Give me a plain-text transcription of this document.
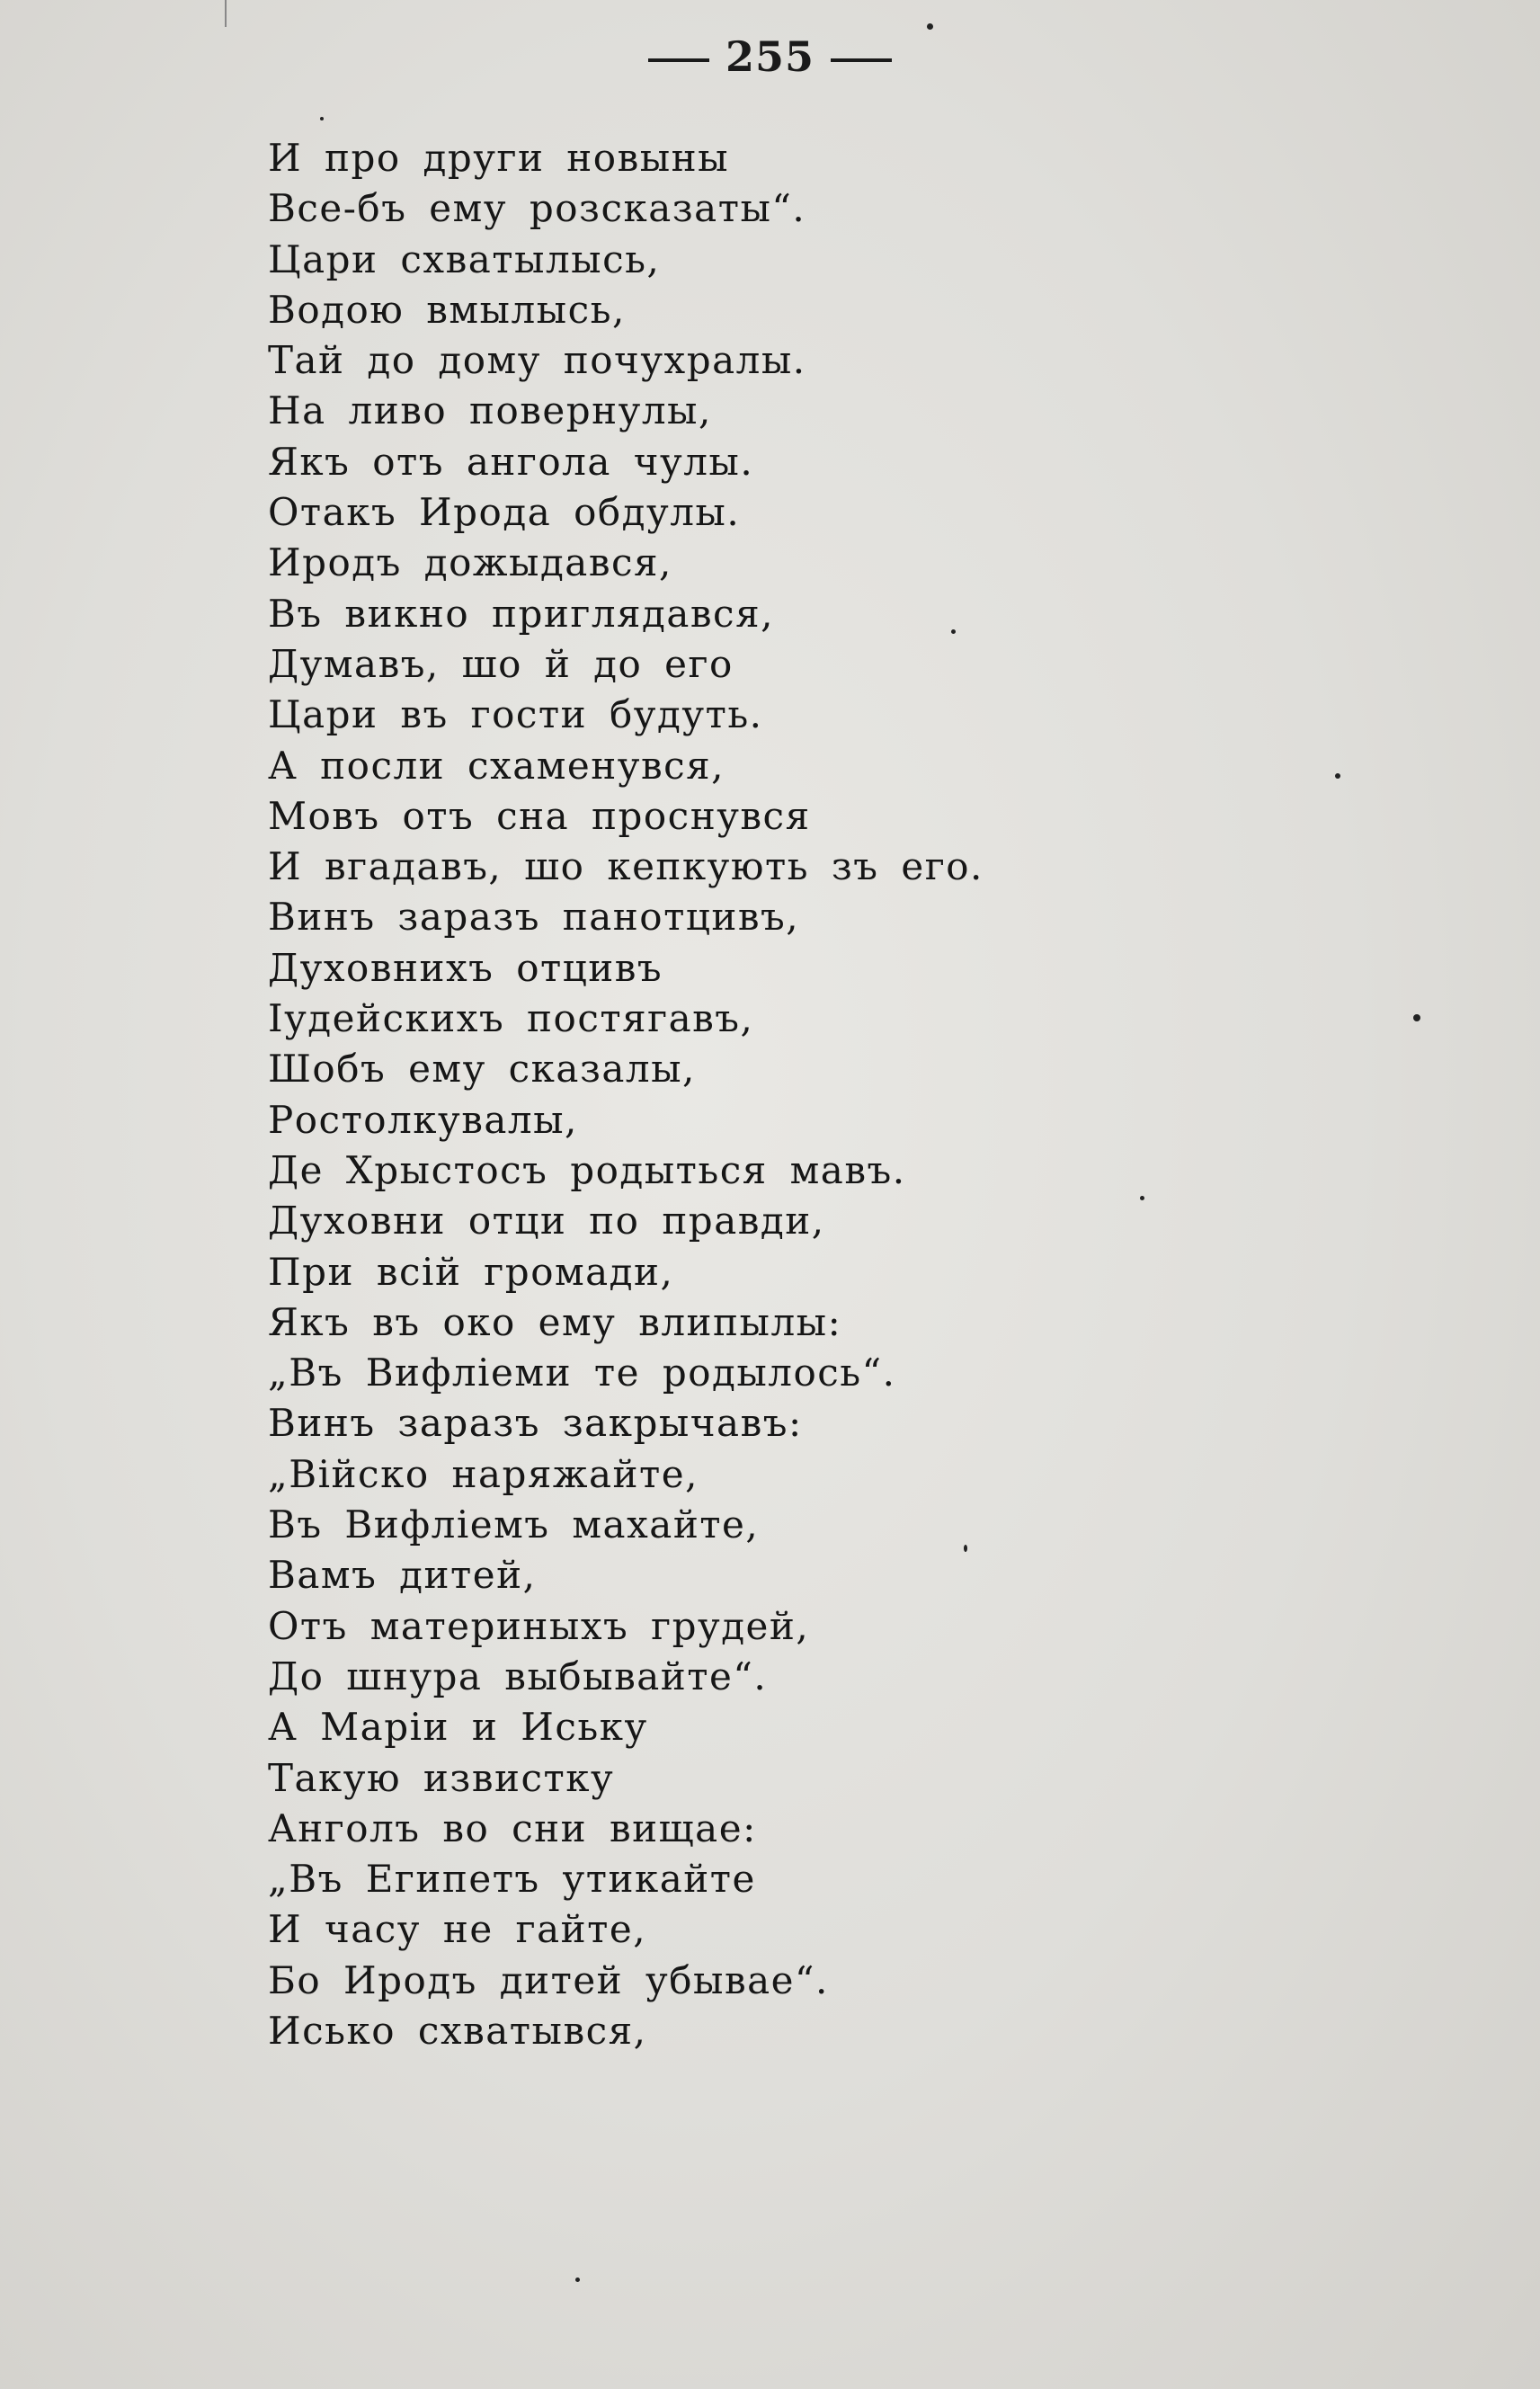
255
И про други новыны
Все-бъ ему розсказаты“.
Цари схватылысь,
Водою вмылысь,
Тай до дому почухралы.
На ливо повернулы,
Якъ отъ ангола чулы.
Отакъ Ирода обдулы.
Иродъ дожыдався,
Въ викно приглядався,
Думавъ, шо й до его
Цари въ гости будуть.
А посли схаменувся,
Мовъ отъ сна проснувся
И вгадавъ, шо кепкують зъ его.
Винъ заразъ панотцивъ,
Духовнихъ отцивъ
Іудейскихъ постягавъ,
Шобъ ему сказалы,
Ростолкувалы,
Де Хрыстосъ родыться мавъ.
Духовни отци по правди,
При всій громади,
Якъ въ око ему влипылы:
„Въ Вифліеми те родылось“.
Винъ заразъ закрычавъ:
„Війско наряжайте,
Въ Вифліемъ махайте,
Вамъ дитей,
Отъ материныхъ грудей,
До шнура выбывайте“.
А Маріи и Иську
Такую извистку
Анголъ во сни вищае:
„Въ Египетъ утикайте
И часу не гайте,
Бо Иродъ дитей убывае“.
Иськo схватывся,
